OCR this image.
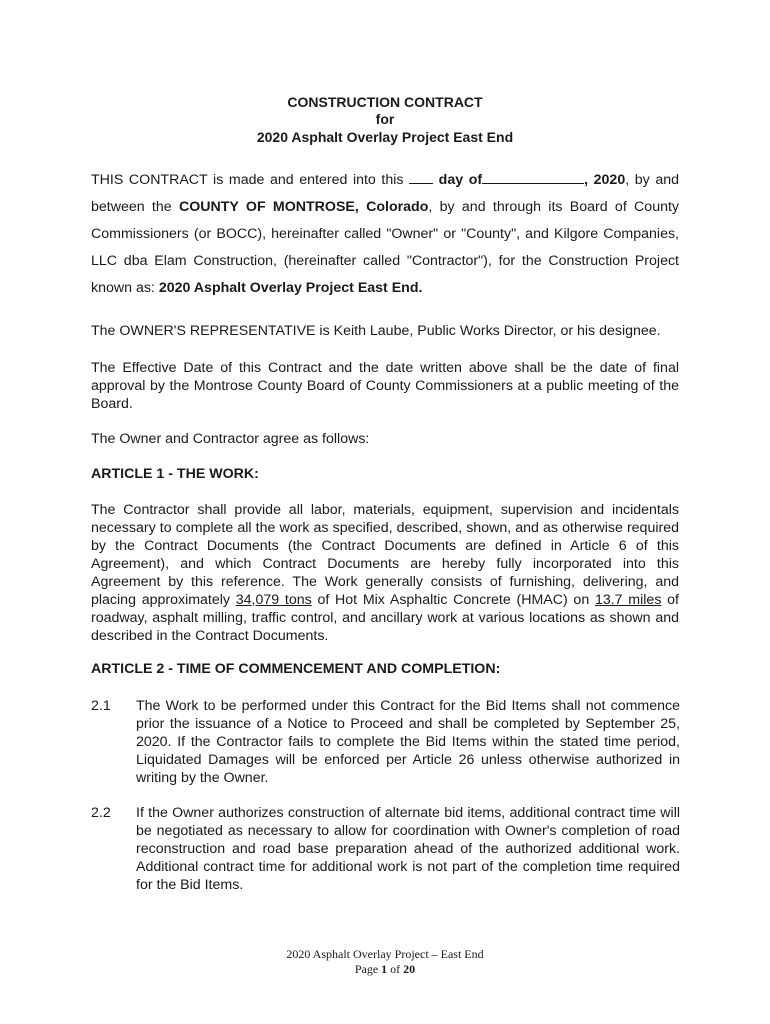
CONSTRUCTION CONTRACT
for
2020 Asphalt Overlay Project East End
THIS CONTRACT is made and entered into this  day of	, 2020, by and between the COUNTY OF MONTROSE, Colorado, by and through its Board of County Commissioners (or BOCC), hereinafter called "Owner" or "County", and Kilgore Companies, LLC dba Elam Construction, (hereinafter called "Contractor"), for the Construction Project known as: 2020 Asphalt Overlay Project East End.
The OWNER'S REPRESENTATIVE is Keith Laube, Public Works Director, or his designee.
The Effective Date of this Contract and the date written above shall be the date of final approval by the Montrose County Board of County Commissioners at a public meeting of the Board.
The Owner and Contractor agree as follows:
ARTICLE 1 - THE WORK:
The Contractor shall provide all labor, materials, equipment, supervision and incidentals necessary to complete all the work as specified, described, shown, and as otherwise required by the Contract Documents (the Contract Documents are defined in Article 6 of this Agreement), and which Contract Documents are hereby fully incorporated into this Agreement by this reference. The Work generally consists of furnishing, delivering, and placing approximately 34,079 tons of Hot Mix Asphaltic Concrete (HMAC) on 13.7 miles of roadway, asphalt milling, traffic control, and ancillary work at various locations as shown and described in the Contract Documents.
ARTICLE 2 - TIME OF COMMENCEMENT AND COMPLETION:
2.1 The Work to be performed under this Contract for the Bid Items shall not commence prior the issuance of a Notice to Proceed and shall be completed by September 25, 2020. If the Contractor fails to complete the Bid Items within the stated time period, Liquidated Damages will be enforced per Article 26 unless otherwise authorized in writing by the Owner.
2.2 If the Owner authorizes construction of alternate bid items, additional contract time will be negotiated as necessary to allow for coordination with Owner's completion of road reconstruction and road base preparation ahead of the authorized additional work. Additional contract time for additional work is not part of the completion time required for the Bid Items.
2020 Asphalt Overlay Project – East End
Page 1 of 20
